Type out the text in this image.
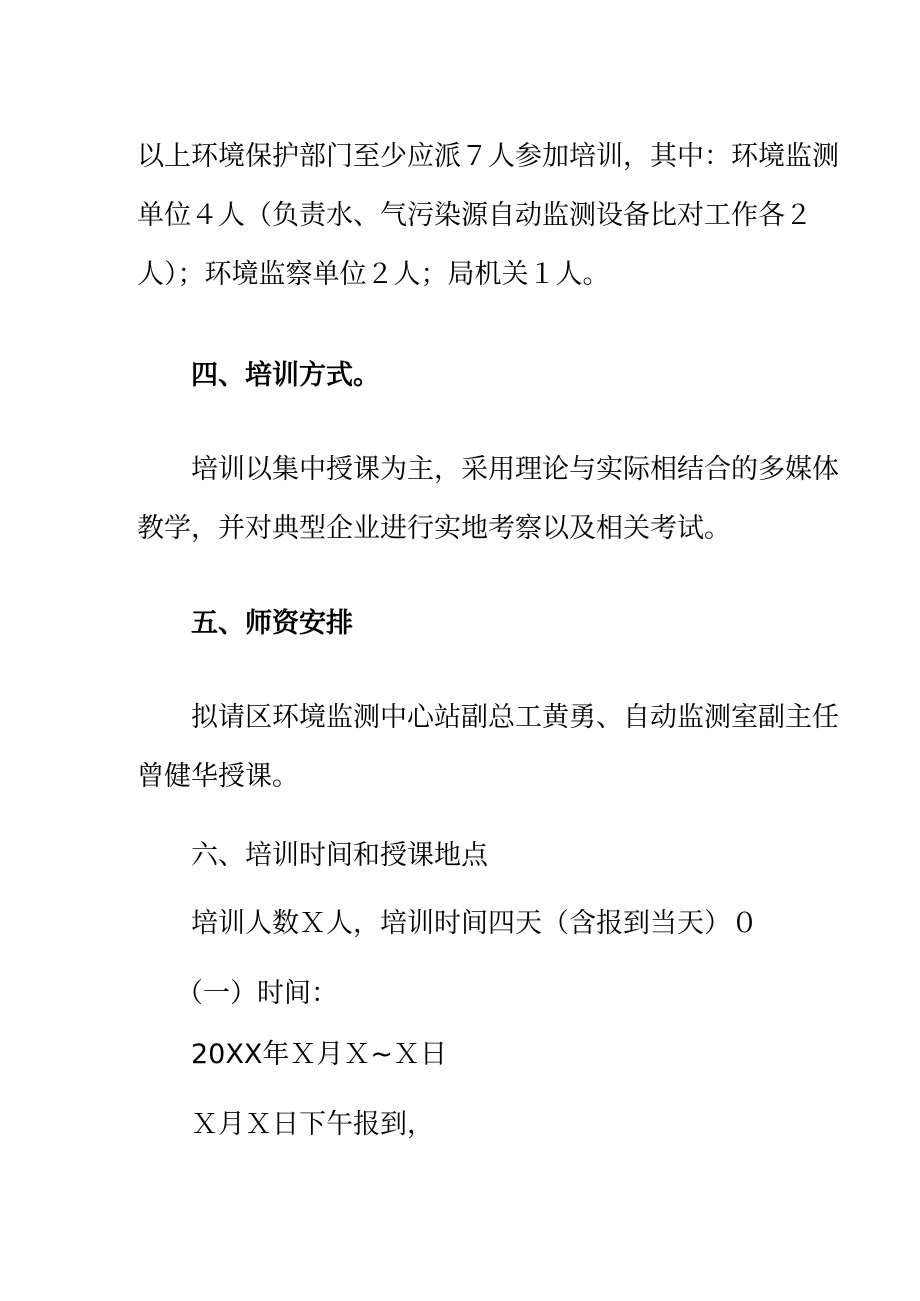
以上环境保护部门至少应派７人参加培训，其中：环境监测
单位４人（负责水、气污染源自动监测设备比对工作各２
人）；环境监察单位２人；局机关１人。
四、培训方式。
培训以集中授课为主，采用理论与实际相结合的多媒体
教学，并对典型企业进行实地考察以及相关考试。
五、师资安排
拟请区环境监测中心站副总工黄勇、自动监测室副主任
曾健华授课。
六、培训时间和授课地点
培训人数Ｘ人，培训时间四天（含报到当天）０
（一）时间：
20XX年Ｘ月Ｘ~Ｘ日
Ｘ月Ｘ日下午报到，
